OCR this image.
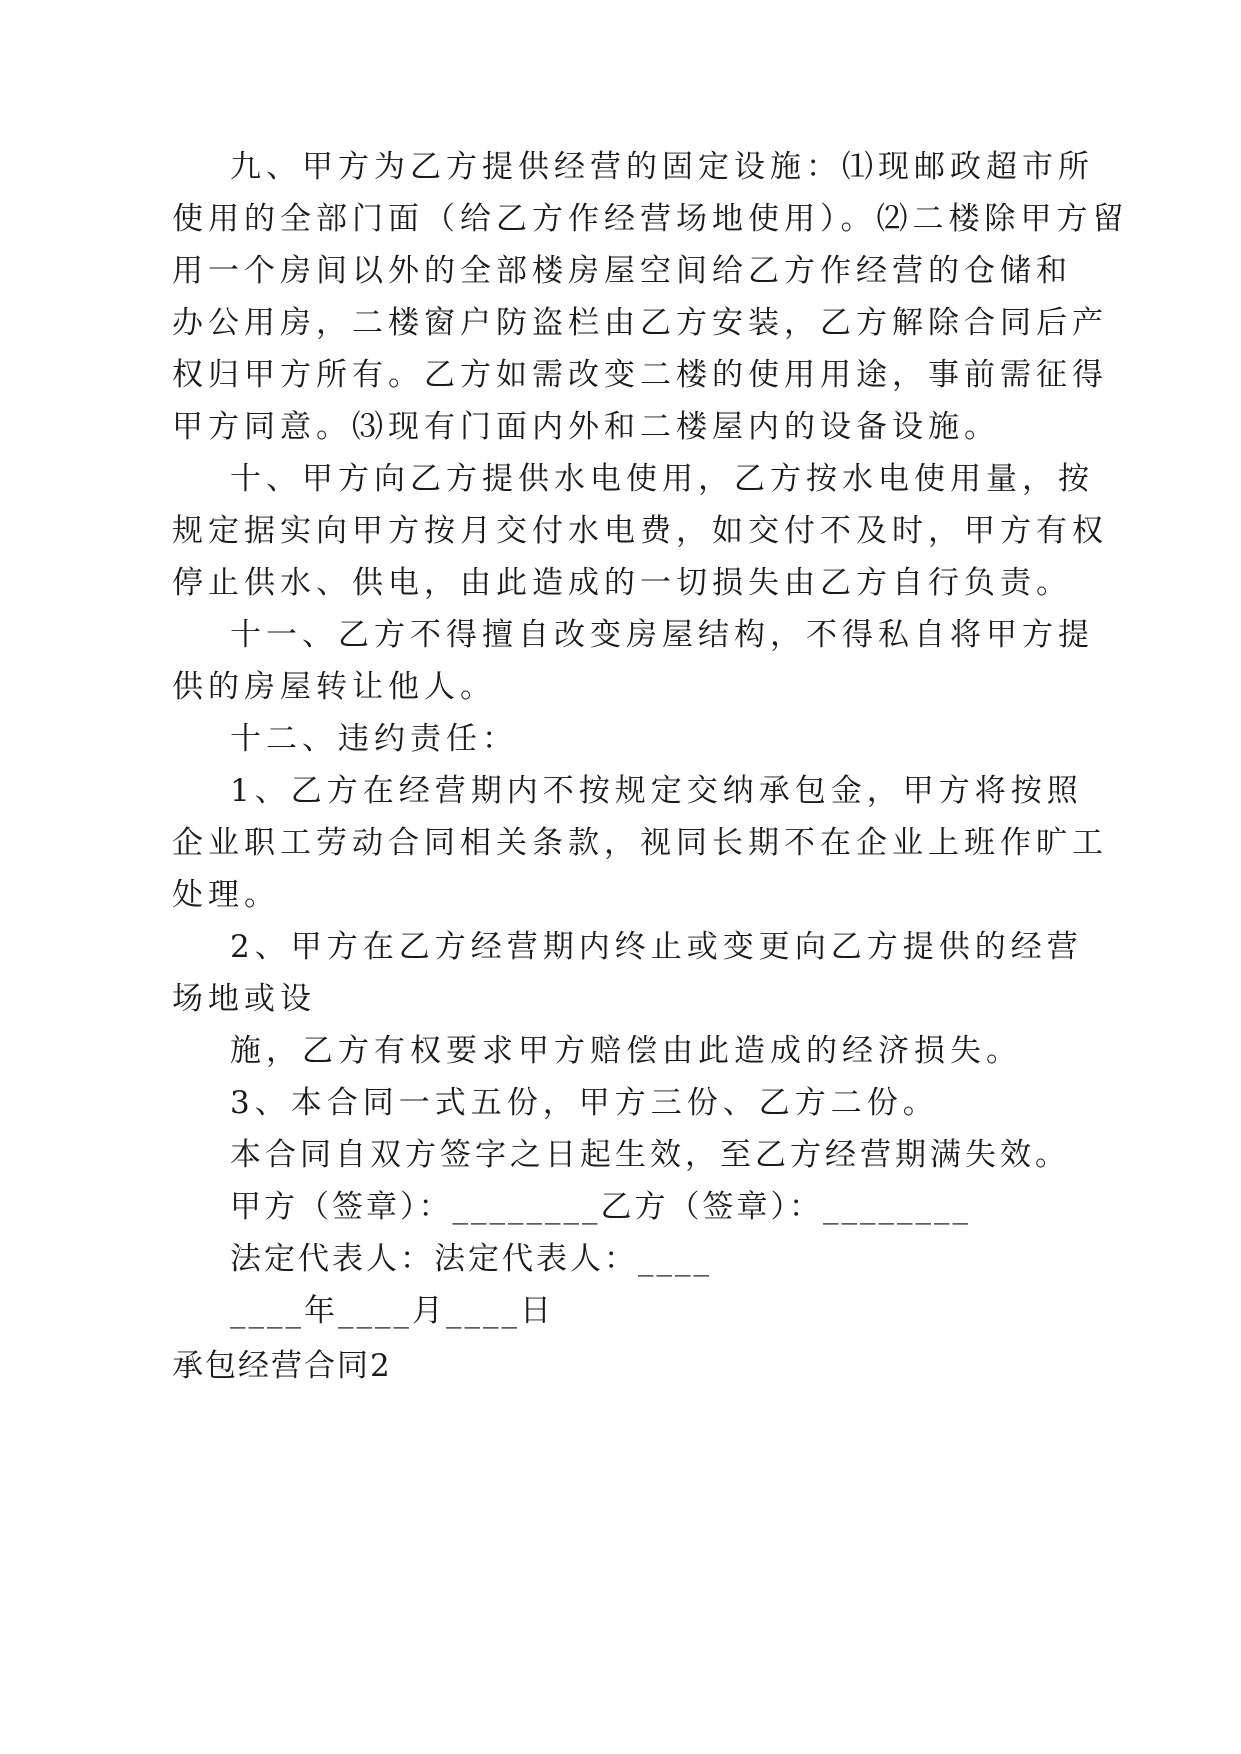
九、甲方为乙方提供经营的固定设施：⑴现邮政超市所
使用的全部门面（给乙方作经营场地使用）。⑵二楼除甲方留
用一个房间以外的全部楼房屋空间给乙方作经营的仓储和
办公用房，二楼窗户防盗栏由乙方安装，乙方解除合同后产
权归甲方所有。乙方如需改变二楼的使用用途，事前需征得
甲方同意。⑶现有门面内外和二楼屋内的设备设施。
十、甲方向乙方提供水电使用，乙方按水电使用量，按
规定据实向甲方按月交付水电费，如交付不及时，甲方有权
停止供水、供电，由此造成的一切损失由乙方自行负责。
十一、乙方不得擅自改变房屋结构，不得私自将甲方提
供的房屋转让他人。
十二、违约责任：
1、乙方在经营期内不按规定交纳承包金，甲方将按照
企业职工劳动合同相关条款，视同长期不在企业上班作旷工
处理。
2、甲方在乙方经营期内终止或变更向乙方提供的经营
场地或设
施，乙方有权要求甲方赔偿由此造成的经济损失。
3、本合同一式五份，甲方三份、乙方二份。
本合同自双方签字之日起生效，至乙方经营期满失效。
甲方（签章）：________乙方（签章）：________
法定代表人：法定代表人：____
____年____月____日
承包经营合同2
